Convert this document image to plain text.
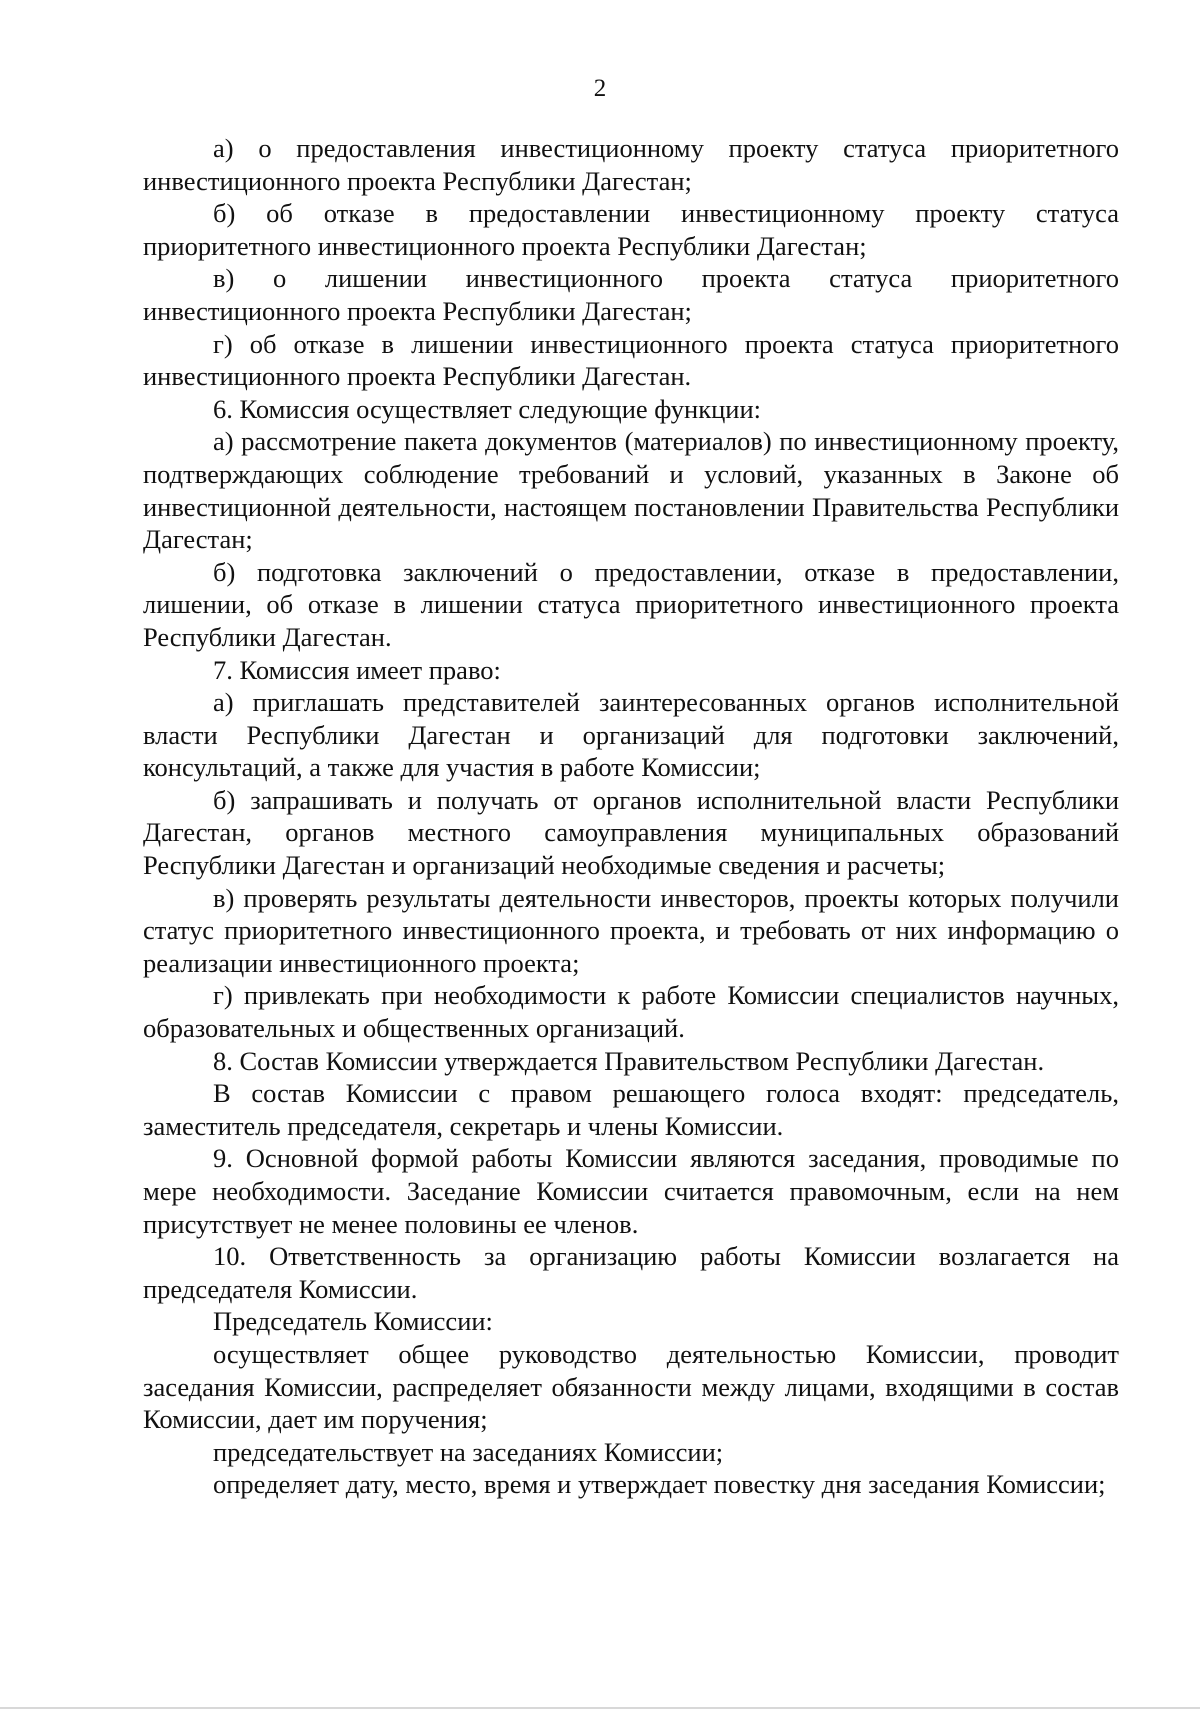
2

а) о предоставления инвестиционному проекту статуса приоритетного инвестиционного проекта Республики Дагестан;

б) об отказе в предоставлении инвестиционному проекту статуса приоритетного инвестиционного проекта Республики Дагестан;

в) о лишении инвестиционного проекта статуса приоритетного инвестиционного проекта Республики Дагестан;

г) об отказе в лишении инвестиционного проекта статуса приоритетного инвестиционного проекта Республики Дагестан.

6. Комиссия осуществляет следующие функции:

а) рассмотрение пакета документов (материалов) по инвестиционному проекту, подтверждающих соблюдение требований и условий, указанных в Законе об инвестиционной деятельности, настоящем постановлении Правительства Республики Дагестан;

б) подготовка заключений о предоставлении, отказе в предоставлении, лишении, об отказе в лишении статуса приоритетного инвестиционного проекта Республики Дагестан.

7. Комиссия имеет право:

а) приглашать представителей заинтересованных органов исполнительной власти Республики Дагестан и организаций для подготовки заключений, консультаций, а также для участия в работе Комиссии;

б) запрашивать и получать от органов исполнительной власти Республики Дагестан, органов местного самоуправления муниципальных образований Республики Дагестан и организаций необходимые сведения и расчеты;

в) проверять результаты деятельности инвесторов, проекты которых получили статус приоритетного инвестиционного проекта, и требовать от них информацию о реализации инвестиционного проекта;

г) привлекать при необходимости к работе Комиссии специалистов научных, образовательных и общественных организаций.

8. Состав Комиссии утверждается Правительством Республики Дагестан.

В состав Комиссии с правом решающего голоса входят: председатель, заместитель председателя, секретарь и члены Комиссии.

9. Основной формой работы Комиссии являются заседания, проводимые по мере необходимости. Заседание Комиссии считается правомочным, если на нем присутствует не менее половины ее членов.

10. Ответственность за организацию работы Комиссии возлагается на председателя Комиссии.

Председатель Комиссии:

осуществляет общее руководство деятельностью Комиссии, проводит заседания Комиссии, распределяет обязанности между лицами, входящими в состав Комиссии, дает им поручения;

председательствует на заседаниях Комиссии;

определяет дату, место, время и утверждает повестку дня заседания Комиссии;
